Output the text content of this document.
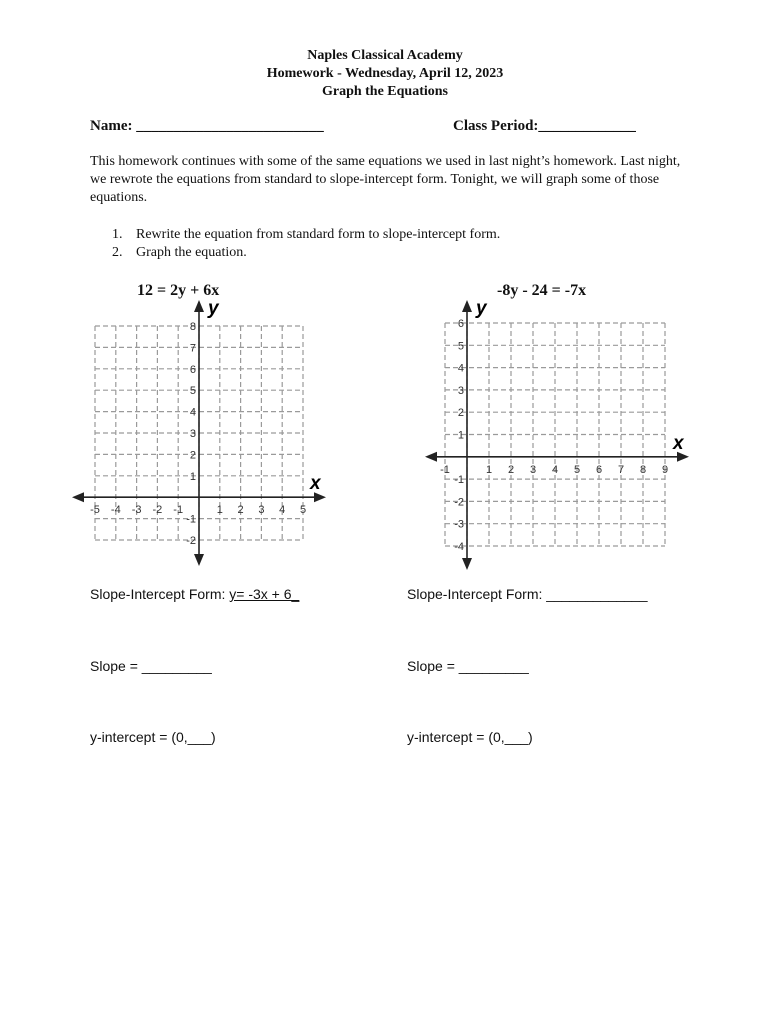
Naples Classical Academy
Homework - Wednesday, April 12, 2023
Graph the Equations
Name: _________________________	Class Period:_____________
This homework continues with some of the same equations we used in last night’s homework. Last night, we rewrote the equations from standard to slope-intercept form. Tonight, we will graph some of those equations.
1. Rewrite the equation from standard form to slope-intercept form.
2. Graph the equation.
12 = 2y + 6x	-8y - 24 = -7x
x
y
-5 -4 -3 -2 -1	1 2 3 4 5
8
7
6
5
4
3
2
1
-1
-2
x
y
-1	1 2 3 4 5 6 7 8 9
6
5
4
3
2
1
-1
-2
-3
-4
Slope-Intercept Form: y= -3x + 6_
Slope = _________
y-intercept = (0,___)
Slope-Intercept Form: _____________
Slope = _________
y-intercept = (0,___)
